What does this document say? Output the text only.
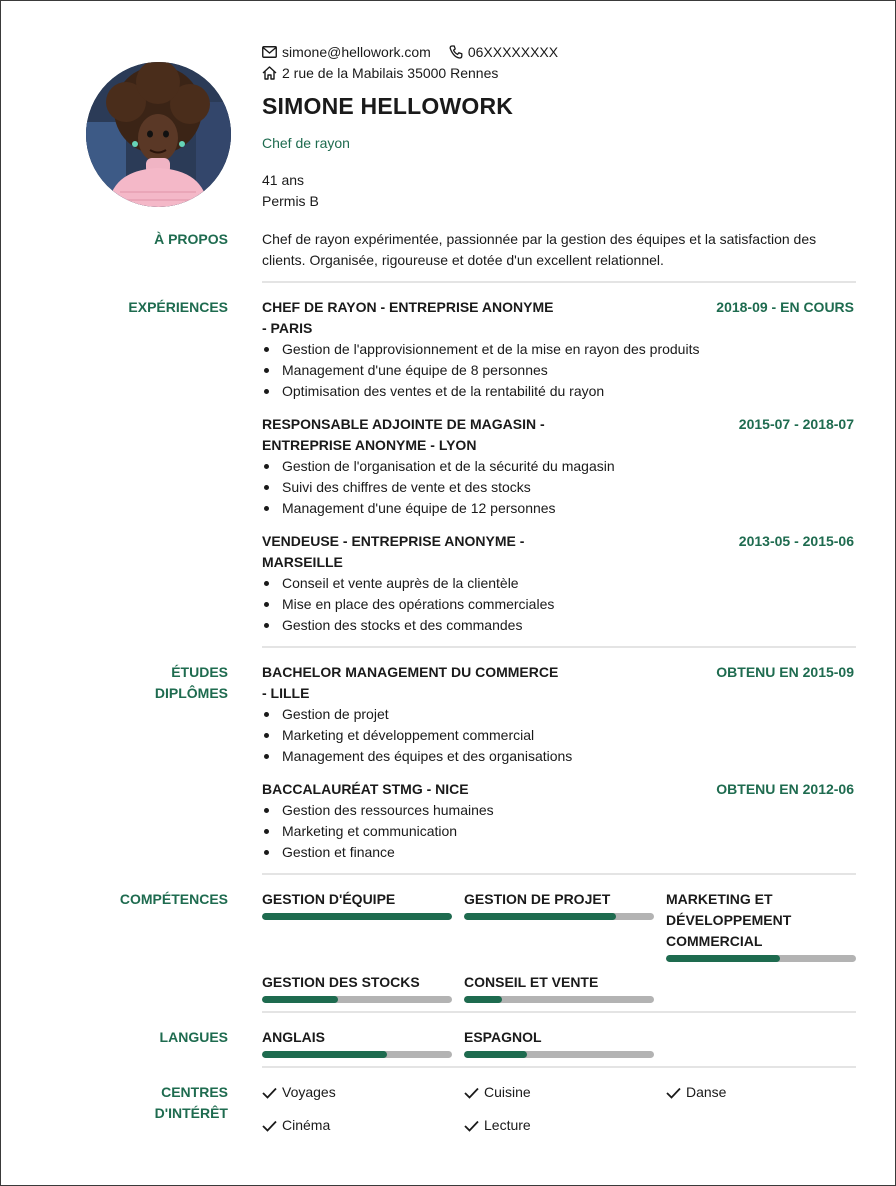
simone@hellowork.com	06XXXXXXXX
2 rue de la Mabilais 35000 Rennes
SIMONE HELLOWORK
Chef de rayon
41 ans
Permis B
À PROPOS Chef de rayon expérimentée, passionnée par la gestion des équipes et la satisfaction des clients. Organisée, rigoureuse et dotée d'un excellent relationnel.
EXPÉRIENCES CHEF DE RAYON - ENTREPRISE ANONYME
- PARIS
2018-09 - EN COURS
Gestion de l'approvisionnement et de la mise en rayon des produits
Management d'une équipe de 8 personnes
Optimisation des ventes et de la rentabilité du rayon
RESPONSABLE ADJOINTE DE MAGASIN -
ENTREPRISE ANONYME - LYON
2015-07 - 2018-07
Gestion de l'organisation et de la sécurité du magasin
Suivi des chiffres de vente et des stocks
Management d'une équipe de 12 personnes
VENDEUSE - ENTREPRISE ANONYME -
MARSEILLE
2013-05 - 2015-06
Conseil et vente auprès de la clientèle
Mise en place des opérations commerciales
Gestion des stocks et des commandes
ÉTUDES
DIPLÔMES
BACHELOR MANAGEMENT DU COMMERCE
- LILLE
OBTENU EN 2015-09
Gestion de projet
Marketing et développement commercial
Management des équipes et des organisations
BACCALAURÉAT STMG - NICE	OBTENU EN 2012-06
Gestion des ressources humaines
Marketing et communication
Gestion et finance
COMPÉTENCES GESTION D'ÉQUIPE	GESTION DE PROJET	MARKETING ET
DÉVELOPPEMENT
COMMERCIAL
GESTION DES STOCKS	CONSEIL ET VENTE
LANGUES ANGLAIS	ESPAGNOL
CENTRES
D'INTÉRÊT
Voyages	Cuisine	Danse
Cinéma	Lecture
